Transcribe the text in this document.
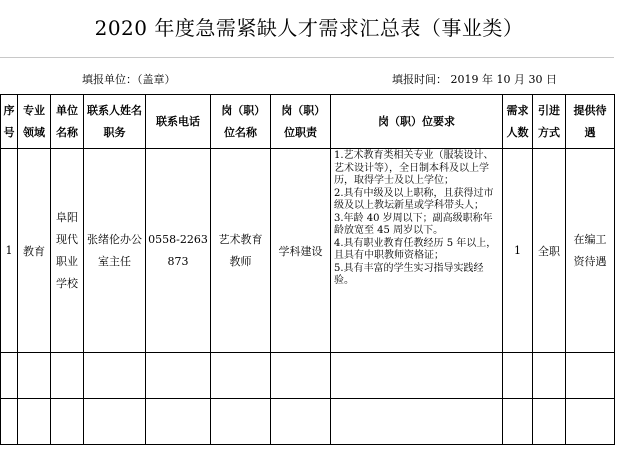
2020 年度急需紧缺人才需求汇总表（事业类）
填报单位：（盖章）	填报时间： 2019 年 10 月 30 日
序号	专业领域	单位名称	联系人姓名职务	联系电话	岗（职）位名称	岗（职）位职责	岗（职）位要求	需求人数	引进方式	提供待遇
1	教育	阜阳现代职业学校	张绪伦办公室主任	0558-2263873	艺术教育教师	学科建设	1.艺术教育类相关专业（服装设计、艺术设计等），全日制本科及以上学历，取得学士及以上学位；
2.具有中级及以上职称，且获得过市级及以上教坛新星或学科带头人；
3.年龄 40 岁周以下；副高级职称年龄放宽至 45 周岁以下。
4.具有职业教育任教经历 5 年以上，且具有中职教师资格证；
5.具有丰富的学生实习指导实践经验。	1	全职	在编工资待遇
